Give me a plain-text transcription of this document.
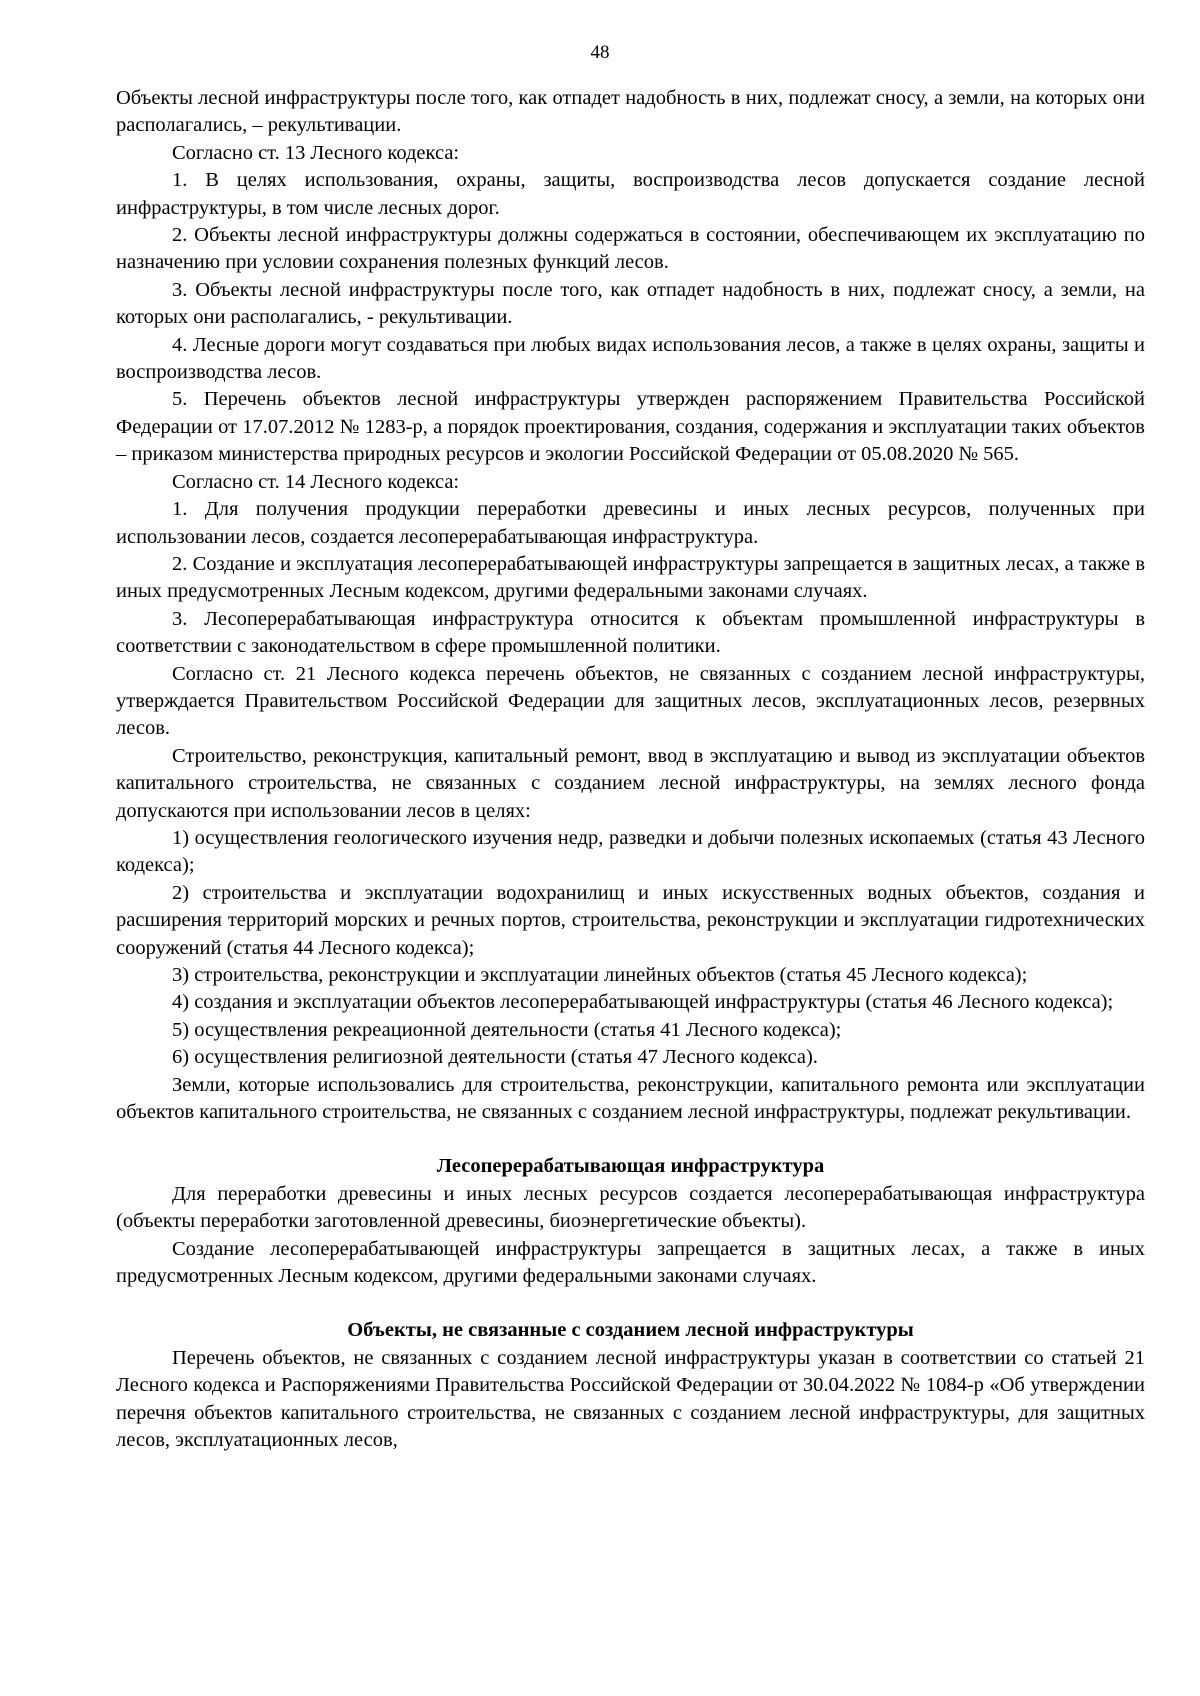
48

Объекты лесной инфраструктуры после того, как отпадет надобность в них, подлежат сносу, а земли, на которых они располагались, – рекультивации.

Согласно ст. 13 Лесного кодекса:

1. В целях использования, охраны, защиты, воспроизводства лесов допускается создание лесной инфраструктуры, в том числе лесных дорог.

2. Объекты лесной инфраструктуры должны содержаться в состоянии, обеспечивающем их эксплуатацию по назначению при условии сохранения полезных функций лесов.

3. Объекты лесной инфраструктуры после того, как отпадет надобность в них, подлежат сносу, а земли, на которых они располагались, - рекультивации.

4. Лесные дороги могут создаваться при любых видах использования лесов, а также в целях охраны, защиты и воспроизводства лесов.

5. Перечень объектов лесной инфраструктуры утвержден распоряжением Правительства Российской Федерации от 17.07.2012 № 1283-р, а порядок проектирования, создания, содержания и эксплуатации таких объектов – приказом министерства природных ресурсов и экологии Российской Федерации от 05.08.2020 № 565.

Согласно ст. 14 Лесного кодекса:

1. Для получения продукции переработки древесины и иных лесных ресурсов, полученных при использовании лесов, создается лесоперерабатывающая инфраструктура.

2. Создание и эксплуатация лесоперерабатывающей инфраструктуры запрещается в защитных лесах, а также в иных предусмотренных Лесным кодексом, другими федеральными законами случаях.

3. Лесоперерабатывающая инфраструктура относится к объектам промышленной инфраструктуры в соответствии с законодательством в сфере промышленной политики.

Согласно ст. 21 Лесного кодекса перечень объектов, не связанных с созданием лесной инфраструктуры, утверждается Правительством Российской Федерации для защитных лесов, эксплуатационных лесов, резервных лесов.

Строительство, реконструкция, капитальный ремонт, ввод в эксплуатацию и вывод из эксплуатации объектов капитального строительства, не связанных с созданием лесной инфраструктуры, на землях лесного фонда допускаются при использовании лесов в целях:

1) осуществления геологического изучения недр, разведки и добычи полезных ископаемых (статья 43 Лесного кодекса);

2) строительства и эксплуатации водохранилищ и иных искусственных водных объектов, создания и расширения территорий морских и речных портов, строительства, реконструкции и эксплуатации гидротехнических сооружений (статья 44 Лесного кодекса);

3) строительства, реконструкции и эксплуатации линейных объектов (статья 45 Лесного кодекса);

4) создания и эксплуатации объектов лесоперерабатывающей инфраструктуры (статья 46 Лесного кодекса);

5) осуществления рекреационной деятельности (статья 41 Лесного кодекса);

6) осуществления религиозной деятельности (статья 47 Лесного кодекса).

Земли, которые использовались для строительства, реконструкции, капитального ремонта или эксплуатации объектов капитального строительства, не связанных с созданием лесной инфраструктуры, подлежат рекультивации.

Лесоперерабатывающая инфраструктура

Для переработки древесины и иных лесных ресурсов создается лесоперерабатывающая инфраструктура (объекты переработки заготовленной древесины, биоэнергетические объекты).

Создание лесоперерабатывающей инфраструктуры запрещается в защитных лесах, а также в иных предусмотренных Лесным кодексом, другими федеральными законами случаях.

Объекты, не связанные с созданием лесной инфраструктуры

Перечень объектов, не связанных с созданием лесной инфраструктуры указан в соответствии со статьей 21 Лесного кодекса и Распоряжениями Правительства Российской Федерации от 30.04.2022 № 1084-р «Об утверждении перечня объектов капитального строительства, не связанных с созданием лесной инфраструктуры, для защитных лесов, эксплуатационных лесов,
